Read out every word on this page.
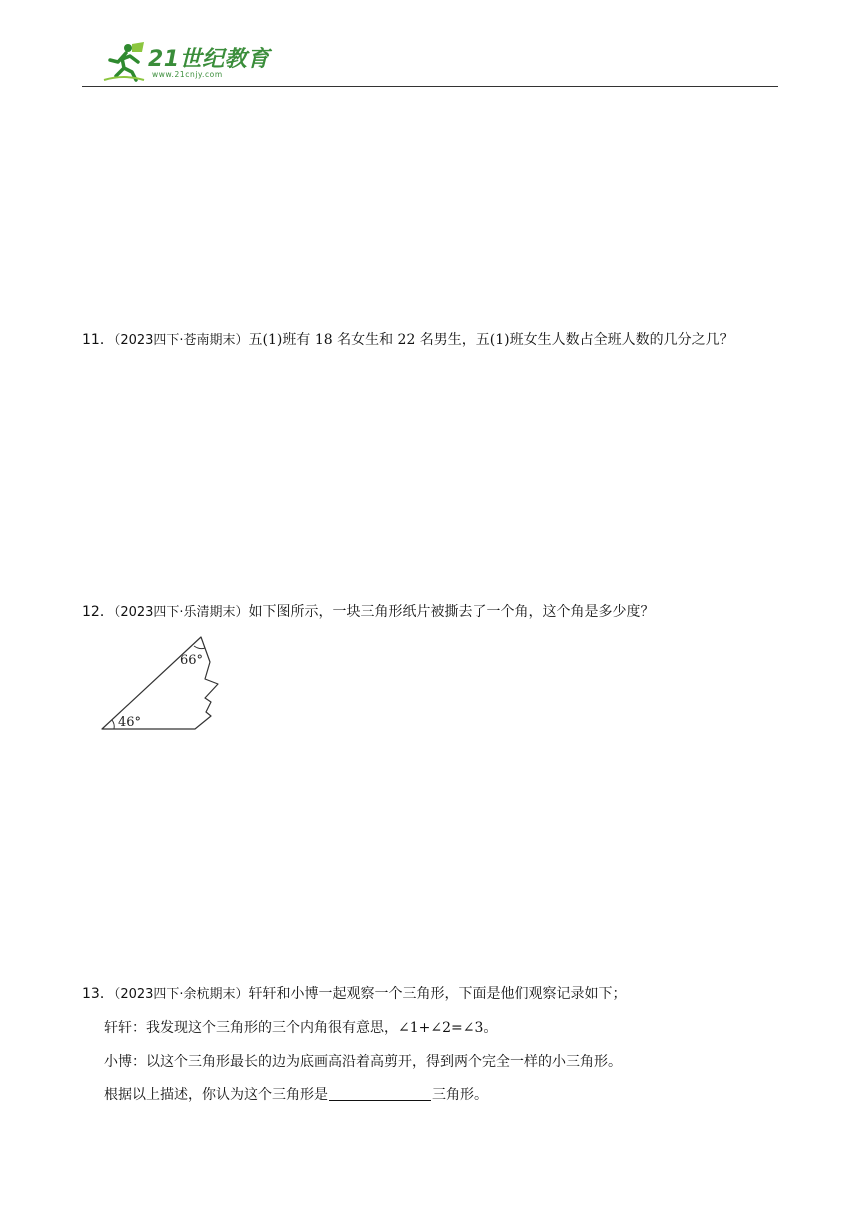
21世纪教育
www.21cnjy.com
11．（2023四下·苍南期末）五(1)班有 18 名女生和 22 名男生，五(1)班女生人数占全班人数的几分之几？
12．（2023四下·乐清期末）如下图所示，一块三角形纸片被撕去了一个角，这个角是多少度？
66°
46°
13．（2023四下·余杭期末）轩轩和小博一起观察一个三角形，下面是他们观察记录如下；
轩轩：我发现这个三角形的三个内角很有意思，∠1+∠2=∠3。
小博：以这个三角形最长的边为底画高沿着高剪开，得到两个完全一样的小三角形。
根据以上描述，你认为这个三角形是	三角形。
